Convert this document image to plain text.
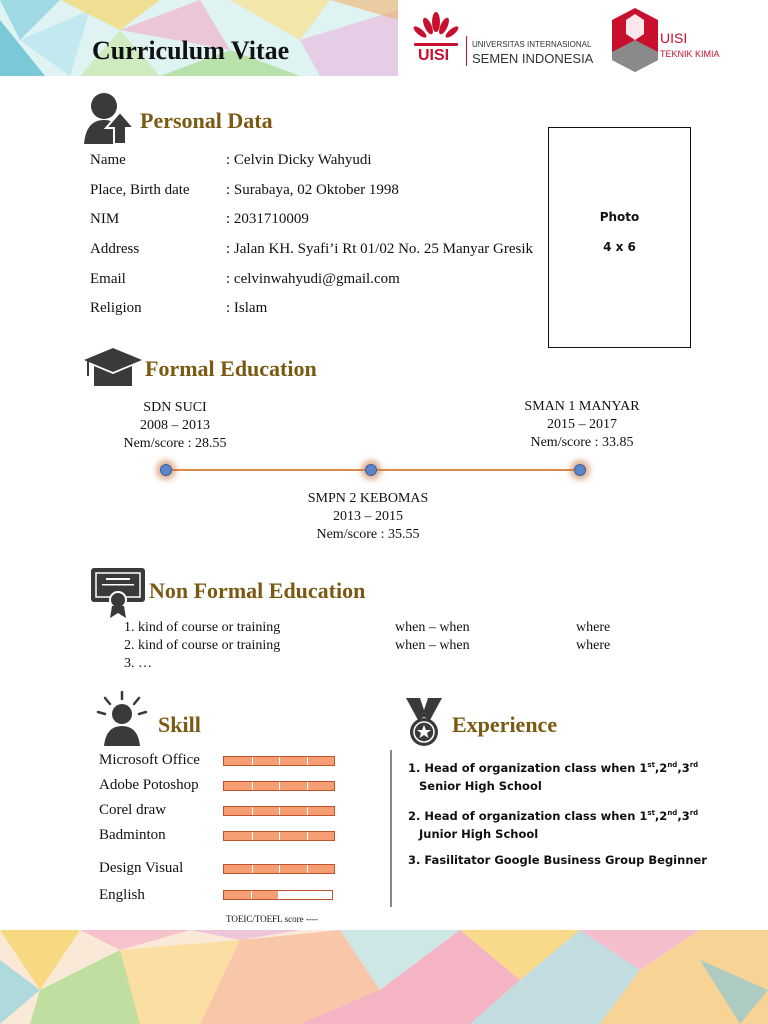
Curriculum Vitae	UISI
UNIVERSITAS INTERNASIONAL
SEMEN INDONESIA
UISI
TEKNIK KIMIA
Personal Data
Name	: Celvin Dicky Wahyudi
Place, Birth date : Surabaya, 02 Oktober 1998
NIM	: 2031710009
Address	: Jalan KH. Syafi’i Rt 01/02 No. 25 Manyar Gresik
Email	: celvinwahyudi@gmail.com
Religion	: Islam
Photo
4 x 6
Formal Education
SDN SUCI
2008 – 2013
Nem/score : 28.55
SMPN 2 KEBOMAS
2013 – 2015
Nem/score : 35.55
SMAN 1 MANYAR
2015 – 2017
Nem/score : 33.85
Non Formal Education
1. kind of course or training	when – when	where
2. kind of course or training	when – when	where
3. …
Skill
Microsoft Office
Adobe Potoshop
Corel draw
Badminton
Design Visual
English
TOEIC/TOEFL score ----
Experience
1. Head of organization class when 1st,2nd,3rd
Senior High School
2. Head of organization class when 1st,2nd,3rd
Junior High School
3. Fasilitator Google Business Group Beginner
